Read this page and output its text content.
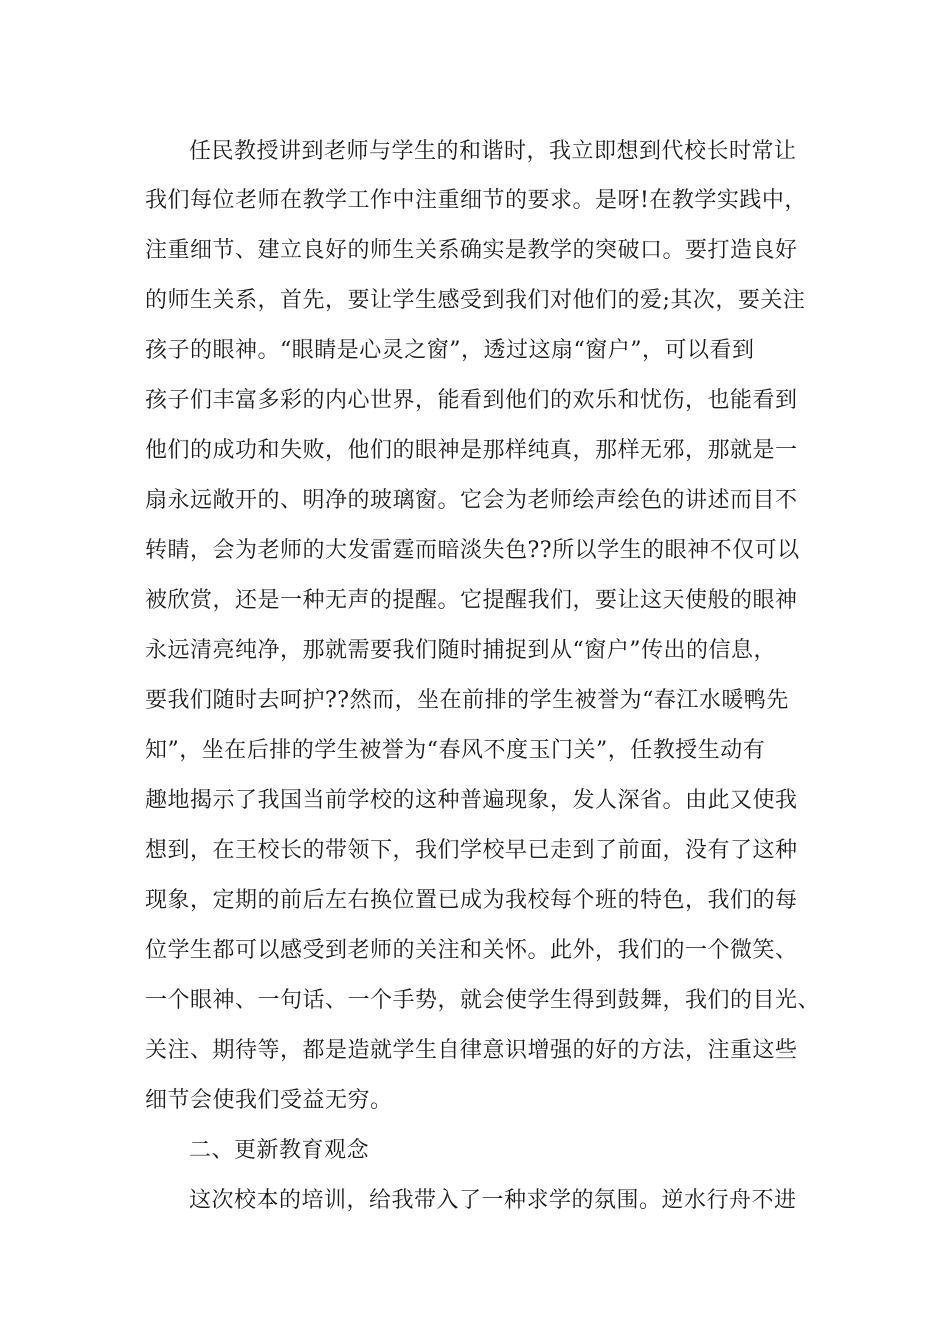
任民教授讲到老师与学生的和谐时，我立即想到代校长时常让
我们每位老师在教学工作中注重细节的要求。是呀!在教学实践中，
注重细节、建立良好的师生关系确实是教学的突破口。要打造良好
的师生关系，首先，要让学生感受到我们对他们的爱;其次，要关注
孩子的眼神。“眼睛是心灵之窗”，透过这扇“窗户”，可以看到
孩子们丰富多彩的内心世界，能看到他们的欢乐和忧伤，也能看到
他们的成功和失败，他们的眼神是那样纯真，那样无邪，那就是一
扇永远敞开的、明净的玻璃窗。它会为老师绘声绘色的讲述而目不
转睛，会为老师的大发雷霆而暗淡失色??所以学生的眼神不仅可以
被欣赏，还是一种无声的提醒。它提醒我们，要让这天使般的眼神
永远清亮纯净，那就需要我们随时捕捉到从“窗户”传出的信息，
要我们随时去呵护??然而，坐在前排的学生被誉为“春江水暖鸭先
知”，坐在后排的学生被誉为“春风不度玉门关”，任教授生动有
趣地揭示了我国当前学校的这种普遍现象，发人深省。由此又使我
想到，在王校长的带领下，我们学校早已走到了前面，没有了这种
现象，定期的前后左右换位置已成为我校每个班的特色，我们的每
位学生都可以感受到老师的关注和关怀。此外，我们的一个微笑、
一个眼神、一句话、一个手势，就会使学生得到鼓舞，我们的目光、
关注、期待等，都是造就学生自律意识增强的好的方法，注重这些
细节会使我们受益无穷。
二、更新教育观念
这次校本的培训，给我带入了一种求学的氛围。逆水行舟不进
